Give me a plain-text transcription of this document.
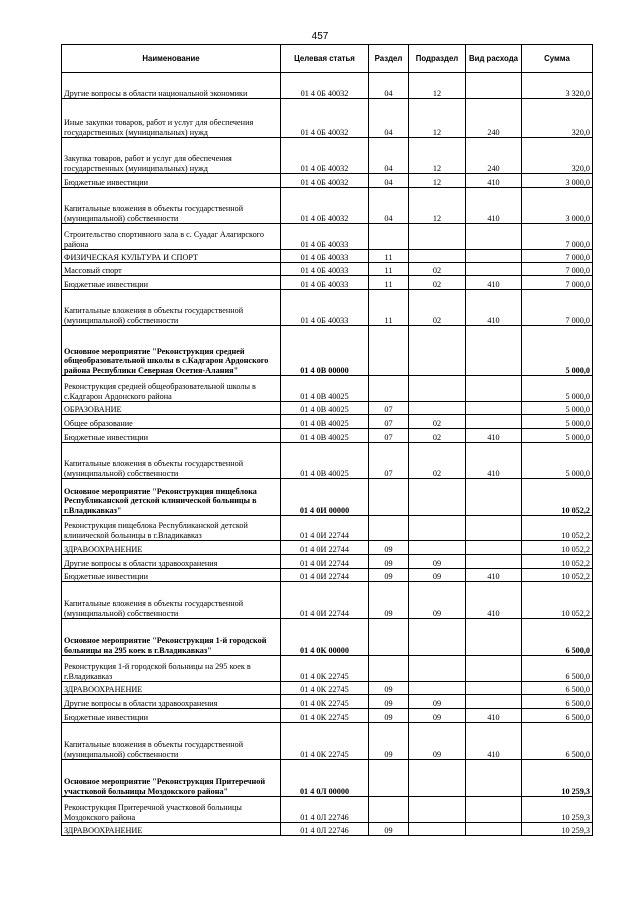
457
Наименование	Целевая статья	Раздел	Подраздел	Вид расхода	Сумма
Другие вопросы в области национальной экономики	01 4 0Б 40032	04	12		3 320,0
Иные закупки товаров, работ и услуг для обеспечения государственных (муниципальных) нужд	01 4 0Б 40032	04	12	240	320,0
Закупка товаров, работ и услуг для обеспечения государственных (муниципальных) нужд	01 4 0Б 40032	04	12	240	320,0
Бюджетные инвестиции	01 4 0Б 40032	04	12	410	3 000,0
Капитальные вложения в объекты государственной (муниципальной) собственности	01 4 0Б 40032	04	12	410	3 000,0
Строительство спортивного зала в с. Суадаг Алагирского района	01 4 0Б 40033				7 000,0
ФИЗИЧЕСКАЯ КУЛЬТУРА И СПОРТ	01 4 0Б 40033	11			7 000,0
Массовый спорт	01 4 0Б 40033	11	02		7 000,0
Бюджетные инвестиции	01 4 0Б 40033	11	02	410	7 000,0
Капитальные вложения в объекты государственной (муниципальной) собственности	01 4 0Б 40033	11	02	410	7 000,0
Основное мероприятие "Реконструкция средней общеобразовательной школы в с.Кадгарон Ардонского района Республики Северная Осетия-Алания"	01 4 0В 00000				5 000,0
Реконструкция средней общеобразовательной школы в с.Кадгарон Ардонского района	01 4 0В 40025				5 000,0
ОБРАЗОВАНИЕ	01 4 0В 40025	07			5 000,0
Общее образование	01 4 0В 40025	07	02		5 000,0
Бюджетные инвестиции	01 4 0В 40025	07	02	410	5 000,0
Капитальные вложения в объекты государственной (муниципальной) собственности	01 4 0В 40025	07	02	410	5 000,0
Основное мероприятие "Реконструкция пищеблока Республиканской детской клинической больницы в г.Владикавказ"	01 4 0И 00000				10 052,2
Реконструкция пищеблока Республиканской детской клинической больницы в г.Владикавказ	01 4 0И 22744				10 052,2
ЗДРАВООХРАНЕНИЕ	01 4 0И 22744	09			10 052,2
Другие вопросы в области здравоохранения	01 4 0И 22744	09	09		10 052,2
Бюджетные инвестиции	01 4 0И 22744	09	09	410	10 052,2
Капитальные вложения в объекты государственной (муниципальной) собственности	01 4 0И 22744	09	09	410	10 052,2
Основное мероприятие "Реконструкция 1-й городской больницы на 295 коек в г.Владикавказ"	01 4 0К 00000				6 500,0
Реконструкция 1-й городской больницы на 295 коек в г.Владикавказ	01 4 0К 22745				6 500,0
ЗДРАВООХРАНЕНИЕ	01 4 0К 22745	09			6 500,0
Другие вопросы в области здравоохранения	01 4 0К 22745	09	09		6 500,0
Бюджетные инвестиции	01 4 0К 22745	09	09	410	6 500,0
Капитальные вложения в объекты государственной (муниципальной) собственности	01 4 0К 22745	09	09	410	6 500,0
Основное мероприятие "Реконструкция Притеречной участковой больницы Моздокского района"	01 4 0Л 00000				10 259,3
Реконструкция Притеречной участковой больницы Моздокского района	01 4 0Л 22746				10 259,3
ЗДРАВООХРАНЕНИЕ	01 4 0Л 22746	09			10 259,3
